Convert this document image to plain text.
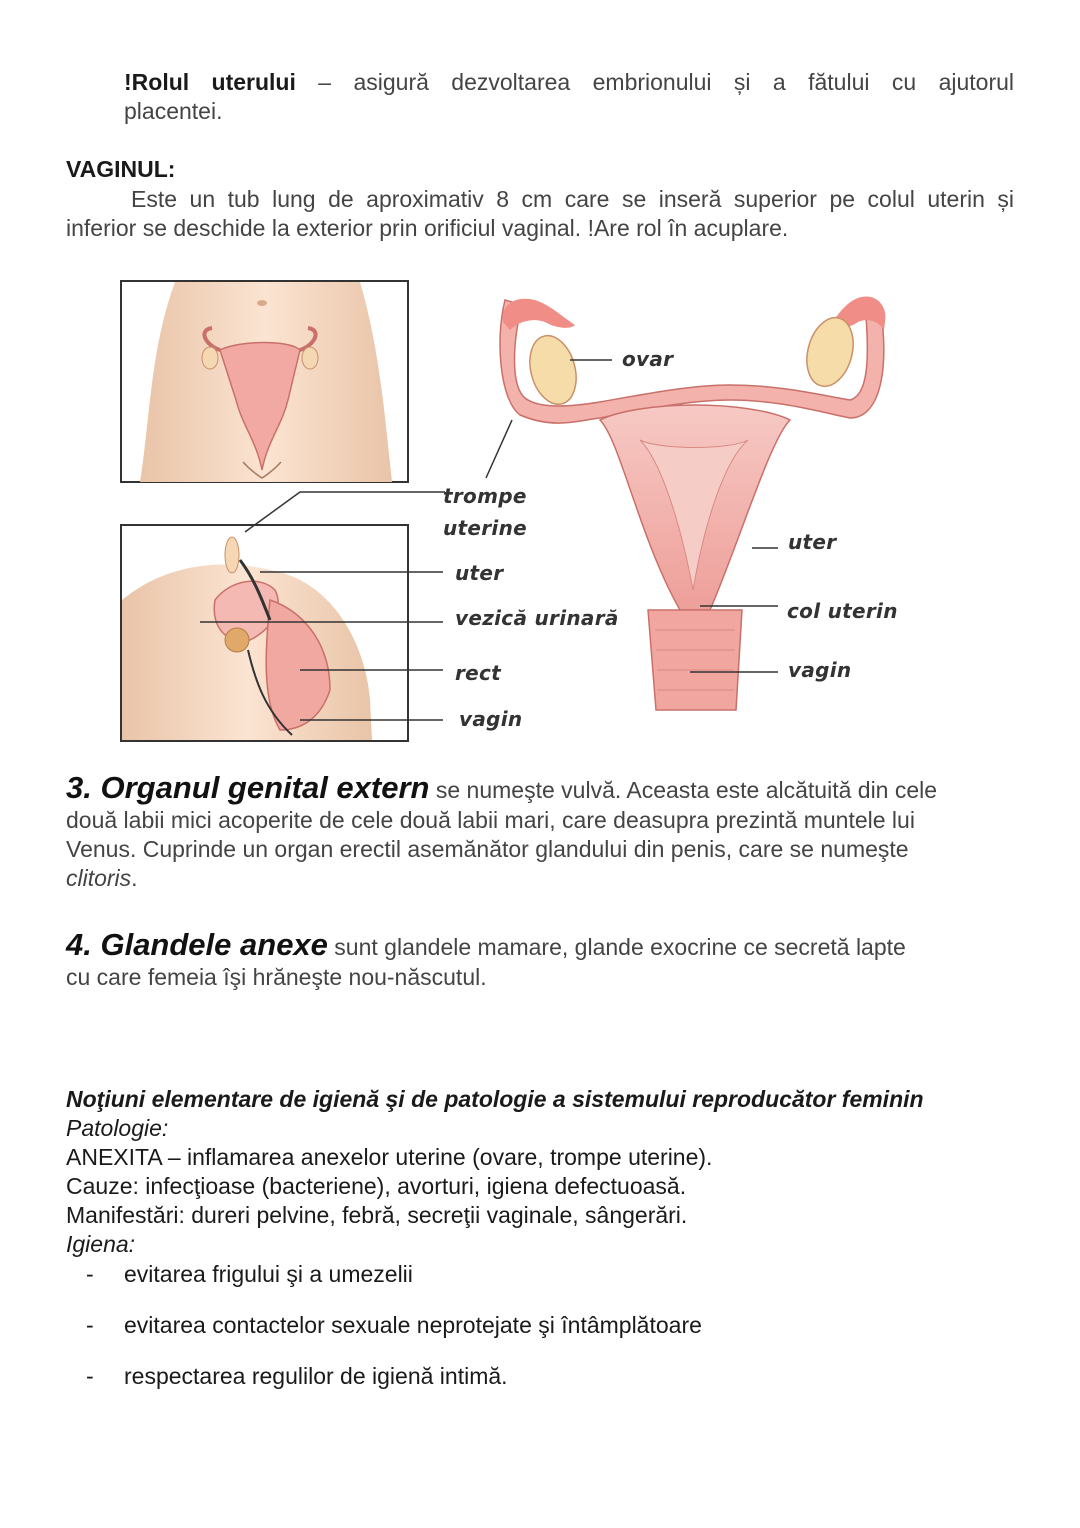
!Rolul uterului – asigură dezvoltarea embrionului și a fătului cu ajutorul
placentei.
VAGINUL:
Este un tub lung de aproximativ 8 cm care se inseră superior pe colul uterin și
inferior se deschide la exterior prin orificiul vaginal. !Are rol în acuplare.
ovar
trompe
uterine
uter
vezică urinară
rect
vagin
uter
col uterin
vagin
3. Organul genital extern se numeşte vulvă. Aceasta este alcătuită din cele
două labii mici acoperite de cele două labii mari, care deasupra prezintă muntele lui
Venus. Cuprinde un organ erectil asemănător glandului din penis, care se numeşte
clitoris.
4. Glandele anexe sunt glandele mamare, glande exocrine ce secretă lapte
cu care femeia îşi hrăneşte nou-născutul.
Noţiuni elementare de igienă şi de patologie a sistemului reproducător feminin
Patologie:
ANEXITA – inflamarea anexelor uterine (ovare, trompe uterine).
Cauze: infecţioase (bacteriene), avorturi, igiena defectuoasă.
Manifestări: dureri pelvine, febră, secreţii vaginale, sângerări.
Igiena:
- evitarea frigului şi a umezelii
- evitarea contactelor sexuale neprotejate şi întâmplătoare
- respectarea regulilor de igienă intimă.
